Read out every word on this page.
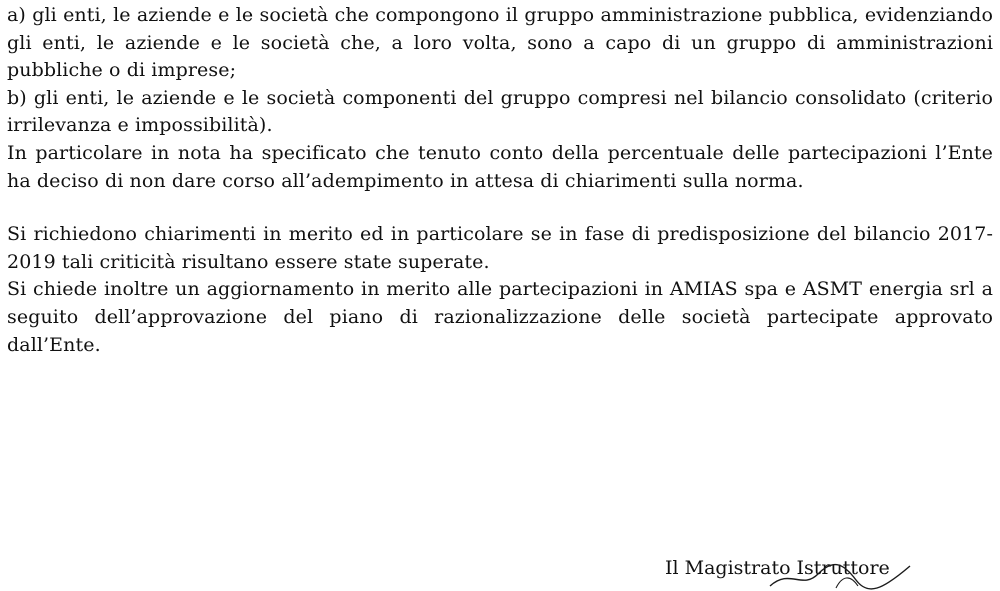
a) gli enti, le aziende e le società che compongono il gruppo amministrazione pubblica, evidenziando gli enti, le aziende e le società che, a loro volta, sono a capo di un gruppo di amministrazioni pubbliche o di imprese;

b) gli enti, le aziende e le società componenti del gruppo compresi nel bilancio consolidato (criterio irrilevanza e impossibilità).

In particolare in nota ha specificato che tenuto conto della percentuale delle partecipazioni l’Ente ha deciso di non dare corso all’adempimento in attesa di chiarimenti sulla norma.

Si richiedono chiarimenti in merito ed in particolare se in fase di predisposizione del bilancio 2017-2019 tali criticità risultano essere state superate.

Si chiede inoltre un aggiornamento in merito alle partecipazioni in AMIAS spa e ASMT energia srl a seguito dell’approvazione del piano di razionalizzazione delle società partecipate approvato dall’Ente.

Il Magistrato Istruttore
